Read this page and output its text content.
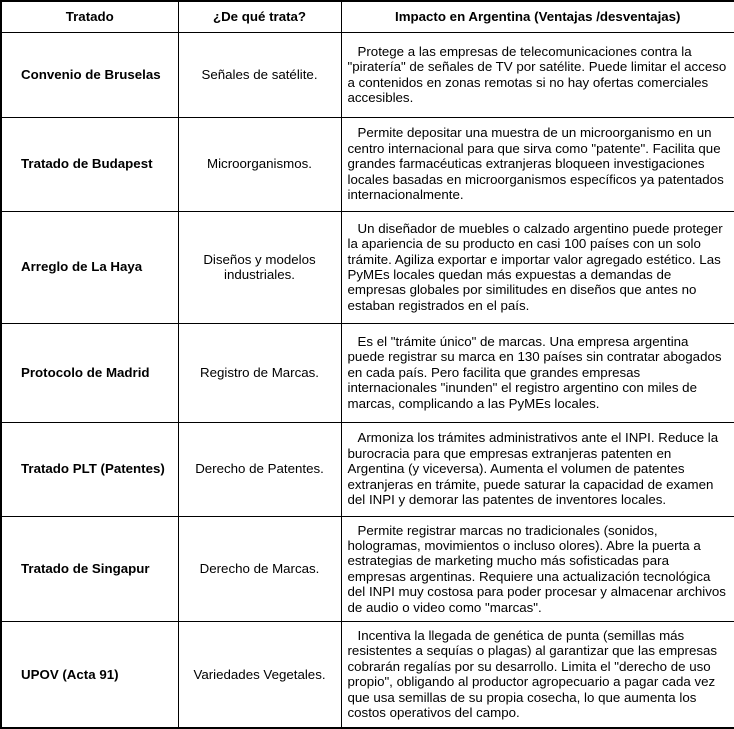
Tratado	¿De qué trata?	Impacto en Argentina (Ventajas /desventajas)
Convenio de Bruselas	Señales de satélite.	Protege a las empresas de telecomunicaciones contra la "piratería" de señales de TV por satélite. Puede limitar el acceso a contenidos en zonas remotas si no hay ofertas comerciales accesibles.
Tratado de Budapest	Microorganismos.	Permite depositar una muestra de un microorganismo en un centro internacional para que sirva como "patente". Facilita que grandes farmacéuticas extranjeras bloqueen investigaciones locales basadas en microorganismos específicos ya patentados internacionalmente.
Arreglo de La Haya	Diseños y modelos industriales.	Un diseñador de muebles o calzado argentino puede proteger la apariencia de su producto en casi 100 países con un solo trámite. Agiliza exportar e importar valor agregado estético. Las PyMEs locales quedan más expuestas a demandas de empresas globales por similitudes en diseños que antes no estaban registrados en el país.
Protocolo de Madrid	Registro de Marcas.	Es el "trámite único" de marcas. Una empresa argentina puede registrar su marca en 130 países sin contratar abogados en cada país. Pero facilita que grandes empresas internacionales "inunden" el registro argentino con miles de marcas, complicando a las PyMEs locales.
Tratado PLT (Patentes)	Derecho de Patentes.	Armoniza los trámites administrativos ante el INPI. Reduce la burocracia para que empresas extranjeras patenten en Argentina (y viceversa). Aumenta el volumen de patentes extranjeras en trámite, puede saturar la capacidad de examen del INPI y demorar las patentes de inventores locales.
Tratado de Singapur	Derecho de Marcas.	Permite registrar marcas no tradicionales (sonidos, hologramas, movimientos o incluso olores). Abre la puerta a estrategias de marketing mucho más sofisticadas para empresas argentinas. Requiere una actualización tecnológica del INPI muy costosa para poder procesar y almacenar archivos de audio o video como "marcas".
UPOV (Acta 91)	Variedades Vegetales.	Incentiva la llegada de genética de punta (semillas más resistentes a sequías o plagas) al garantizar que las empresas cobrarán regalías por su desarrollo. Limita el "derecho de uso propio", obligando al productor agropecuario a pagar cada vez que usa semillas de su propia cosecha, lo que aumenta los costos operativos del campo.
